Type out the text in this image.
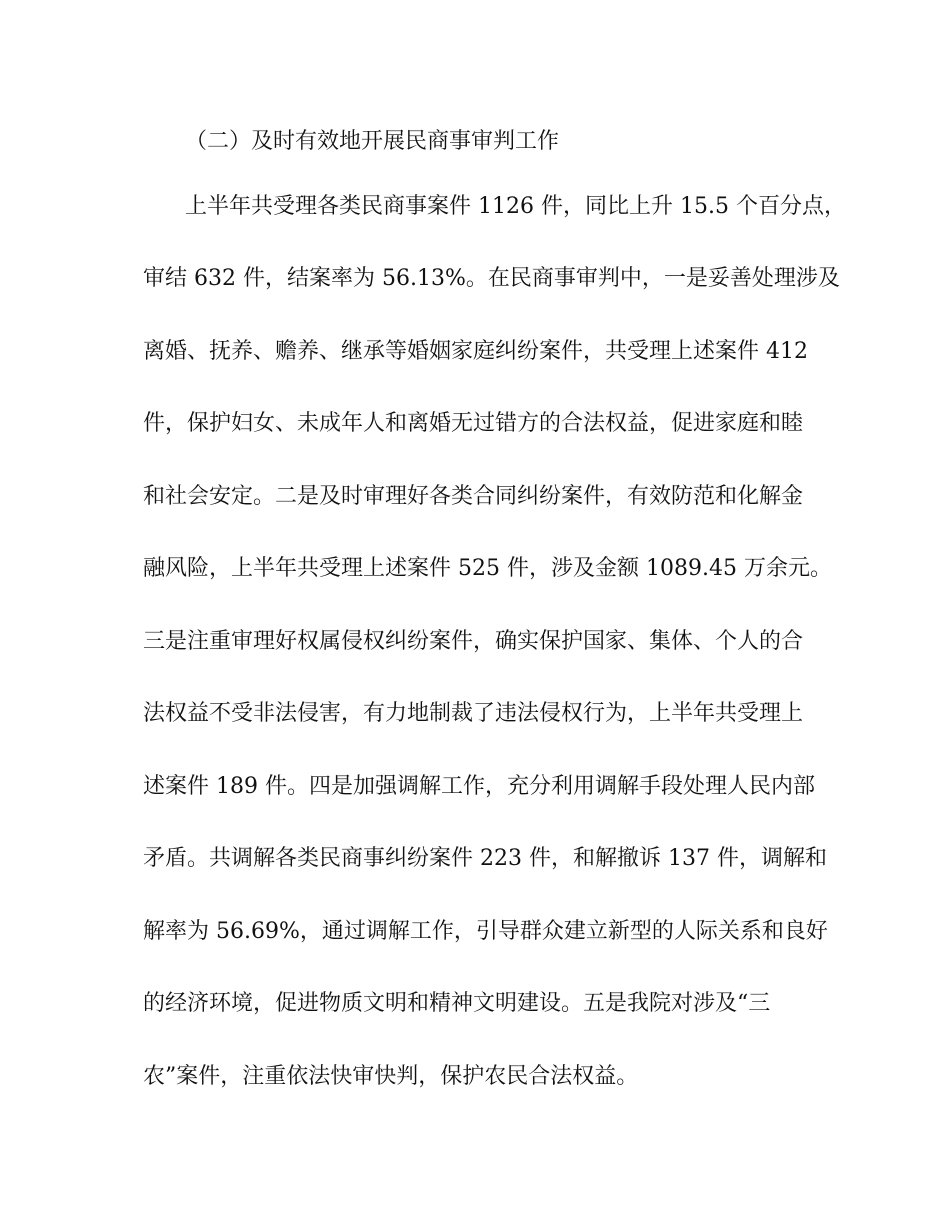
（二）及时有效地开展民商事审判工作
上半年共受理各类民商事案件 1126 件，同比上升 15.5 个百分点，
审结 632 件，结案率为 56.13%。在民商事审判中，一是妥善处理涉及
离婚、抚养、赡养、继承等婚姻家庭纠纷案件，共受理上述案件 412
件，保护妇女、未成年人和离婚无过错方的合法权益，促进家庭和睦
和社会安定。二是及时审理好各类合同纠纷案件，有效防范和化解金
融风险，上半年共受理上述案件 525 件，涉及金额 1089.45 万余元。
三是注重审理好权属侵权纠纷案件，确实保护国家、集体、个人的合
法权益不受非法侵害，有力地制裁了违法侵权行为，上半年共受理上
述案件 189 件。四是加强调解工作，充分利用调解手段处理人民内部
矛盾。共调解各类民商事纠纷案件 223 件，和解撤诉 137 件，调解和
解率为 56.69%，通过调解工作，引导群众建立新型的人际关系和良好
的经济环境，促进物质文明和精神文明建设。五是我院对涉及“三
农”案件，注重依法快审快判，保护农民合法权益。
